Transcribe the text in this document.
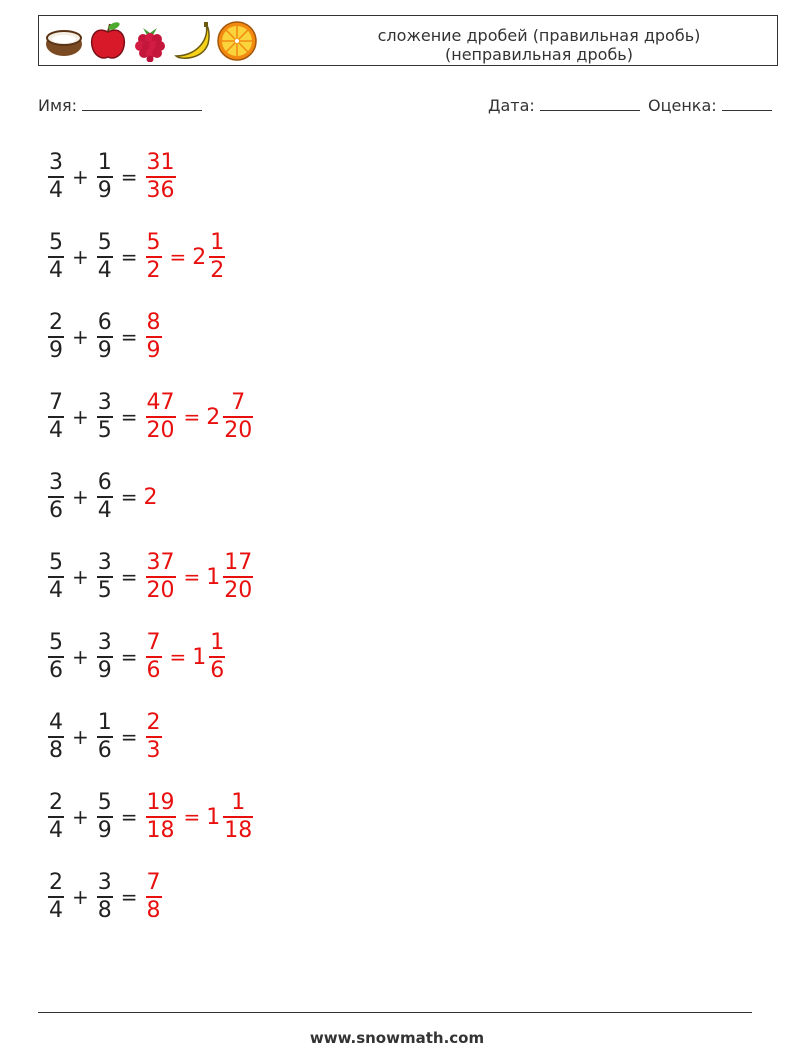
сложение дробей (правильная дробь)
(неправильная дробь)
Имя:	Дата:	Оценка:
$\frac{3}{4} + \frac{1}{9} = \frac{31}{36}$
$\frac{5}{4} + \frac{5}{4} = \frac{5}{2} = 2 \frac{1}{2}$
$\frac{2}{9} + \frac{6}{9} = \frac{8}{9}$
$\frac{7}{4} + \frac{3}{5} = \frac{47}{20} = 2 \frac{7}{20}$
$\frac{3}{6} + \frac{6}{4} = 2$
$\frac{5}{4} + \frac{3}{5} = \frac{37}{20} = 1 \frac{17}{20}$
$\frac{5}{6} + \frac{3}{9} = \frac{7}{6} = 1 \frac{1}{6}$
$\frac{4}{8} + \frac{1}{6} = \frac{2}{3}$
$\frac{2}{4} + \frac{5}{9} = \frac{19}{18} = 1 \frac{1}{18}$
$\frac{2}{4} + \frac{3}{8} = \frac{7}{8}$
www.snowmath.com
